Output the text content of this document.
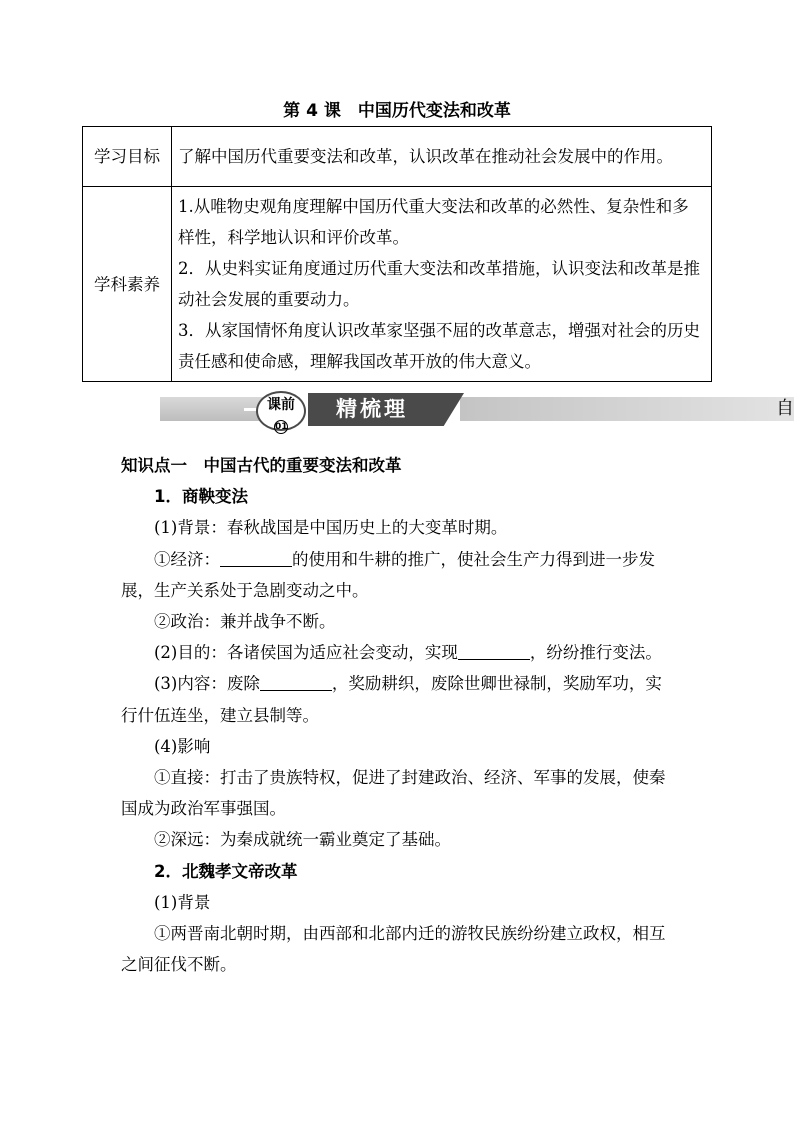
第 4 课　中国历代变法和改革
学习目标	了解中国历代重要变法和改革，认识改革在推动社会发展中的作用。
学科素养	1.从唯物史观角度理解中国历代重大变法和改革的必然性、复杂性和多样性，科学地认识和评价改革。

2．从史料实证角度通过历代重大变法和改革措施，认识变法和改革是推动社会发展的重要动力。

3．从家国情怀角度认识改革家坚强不屈的改革意志，增强对社会的历史责任感和使命感，理解我国改革开放的伟大意义。

课前
01
精梳理	自

知识点一　中国古代的重要变法和改革

1．商鞅变法

(1)背景：春秋战国是中国历史上的大变革时期。

①经济：	的使用和牛耕的推广，使社会生产力得到进一步发展，生产关系处于急剧变动之中。

②政治：兼并战争不断。

(2)目的：各诸侯国为适应社会变动，实现	，纷纷推行变法。

(3)内容：废除	，奖励耕织，废除世卿世禄制，奖励军功，实行什伍连坐，建立县制等。

(4)影响

①直接：打击了贵族特权，促进了封建政治、经济、军事的发展，使秦国成为政治军事强国。

②深远：为秦成就统一霸业奠定了基础。

2．北魏孝文帝改革

(1)背景

①两晋南北朝时期，由西部和北部内迁的游牧民族纷纷建立政权，相互之间征伐不断。
